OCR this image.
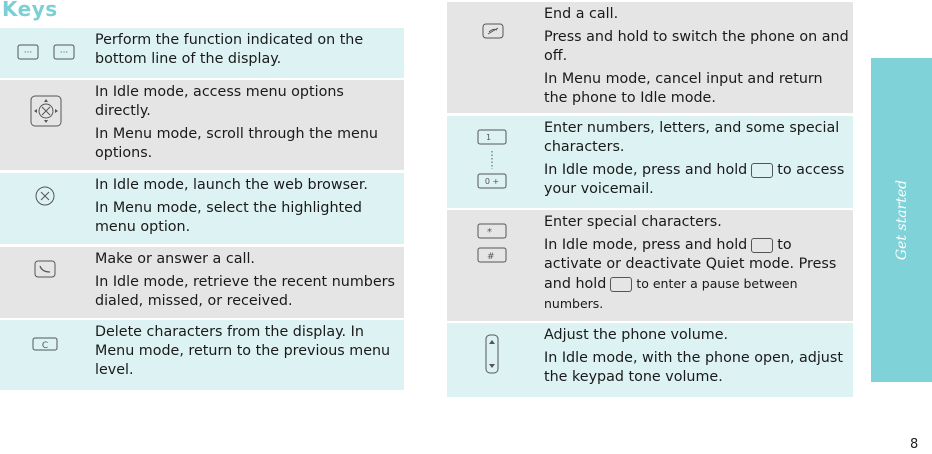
Keys
···	···

Perform the function indicated on the bottom line of the display.

In Idle mode, access menu options directly.

In Menu mode, scroll through the menu options.

In Idle mode, launch the web browser.

In Menu mode, select the highlighted menu option.

Make or answer a call.

In Idle mode, retrieve the recent numbers dialed, missed, or received.

C

Delete characters from the display. In Menu mode, return to the previous menu level.

End a call.

Press and hold to switch the phone on and off.

In Menu mode, cancel input and return the phone to Idle mode.

1
0 +

Enter numbers, letters, and some special characters.

In Idle mode, press and hold to access your voicemail.

*
#

Enter special characters.

In Idle mode, press and hold to activate or deactivate Quiet mode. Press and hold to enter a pause between numbers.

Adjust the phone volume.

In Idle mode, with the phone open, adjust the keypad tone volume.

Get started
8
